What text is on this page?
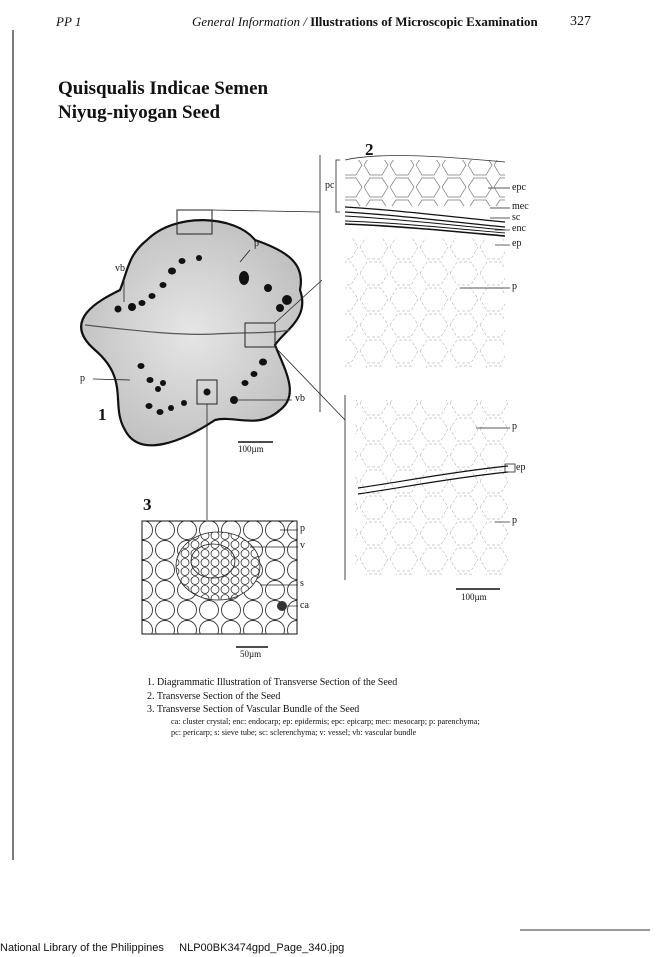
PP 1	General Information / Illustrations of Microscopic Examination 327
Quisqualis Indicae Semen
Niyug-niyogan Seed
1
p
vb
p
vb
100µm
2
pc	epc
mec
sc
enc
ep
p
p
ep
p
100µm
3
p
v
s
ca
50µm
1. Diagrammatic Illustration of Transverse Section of the Seed
2. Transverse Section of the Seed
3. Transverse Section of Vascular Bundle of the Seed
ca: cluster crystal; enc: endocarp; ep: epidermis; epc: epicarp; mec: mesocarp; p: parenchyma;
pc: pericarp; s: sieve tube; sc: sclerenchyma; v: vessel; vb: vascular bundle
National Library of the Philippines NLP00BK3474gpd_Page_340.jpg
